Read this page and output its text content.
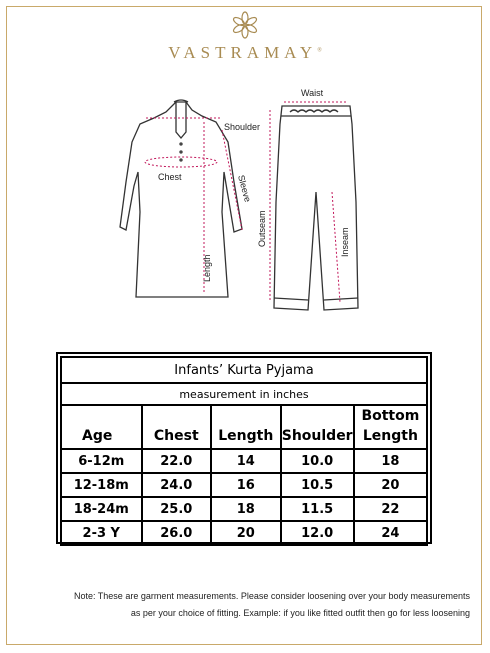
VASTRAMAY®
Shoulder
Chest	Sleeve
Length
Waist
Outseam	Inseam
Infants’ Kurta Pyjama				
measurement in inches				
Age	Chest	Length	Shoulder	Bottom Length
6-12m	22.0	14	10.0	18
12-18m	24.0	16	10.5	20
18-24m	25.0	18	11.5	22
2-3 Y	26.0	20	12.0	24
Note: These are garment measurements. Please consider loosening over your body measurements
as per your choice of fitting. Example: if you like fitted outfit then go for less loosening
